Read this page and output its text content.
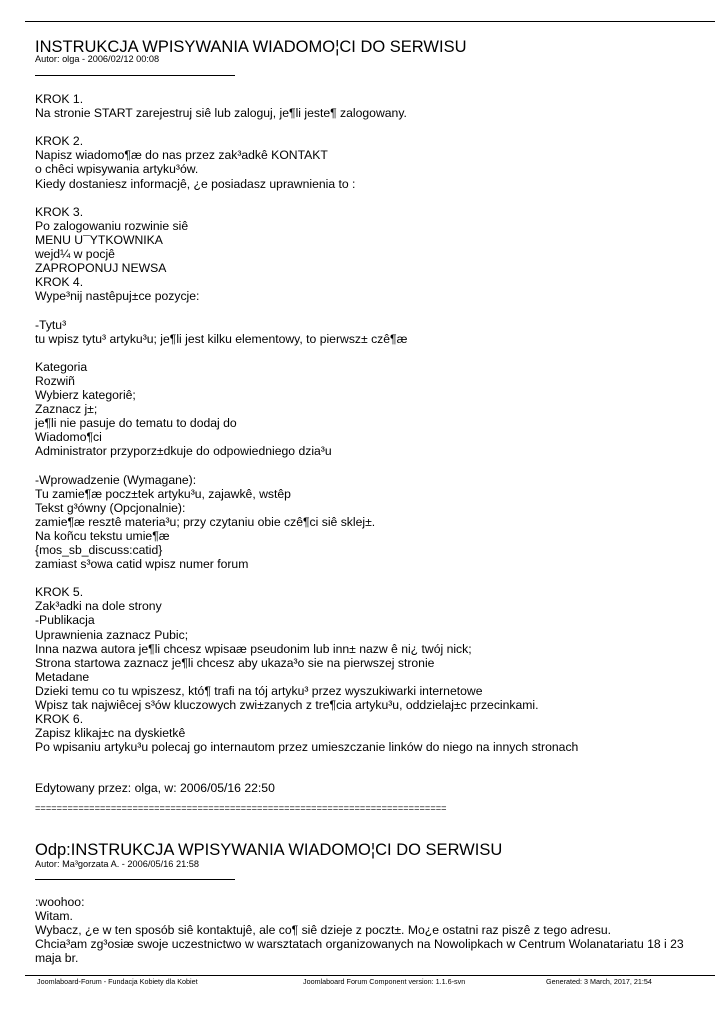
INSTRUKCJA WPISYWANIA WIADOMO¦CI DO SERWISU
Autor: olga - 2006/02/12 00:08
KROK 1.
Na stronie START zarejestruj siê lub zaloguj, je¶li jeste¶ zalogowany.
KROK 2.
Napisz wiadomo¶æ do nas przez zak³adkê KONTAKT
o chêci wpisywania artyku³ów.
Kiedy dostaniesz informacjê, ¿e posiadasz uprawnienia to :
KROK 3.
Po zalogowaniu rozwinie siê
MENU U¯YTKOWNIKA
wejd¼ w pocjê
ZAPROPONUJ NEWSA
KROK 4.
Wype³nij nastêpuj±ce pozycje:
-Tytu³
tu wpisz tytu³ artyku³u; je¶li jest kilku elementowy, to pierwsz± czê¶æ
Kategoria
Rozwiñ
Wybierz kategoriê;
Zaznacz j±;
je¶li nie pasuje do tematu to dodaj do
Wiadomo¶ci
Administrator przyporz±dkuje do odpowiedniego dzia³u
-Wprowadzenie (Wymagane):
Tu zamie¶æ pocz±tek artyku³u, zajawkê, wstêp
Tekst g³ówny (Opcjonalnie):
zamie¶æ resztê materia³u; przy czytaniu obie czê¶ci siê sklej±.
Na koñcu tekstu umie¶æ
{mos_sb_discuss:catid}
zamiast s³owa catid wpisz numer forum
KROK 5.
Zak³adki na dole strony
-Publikacja
Uprawnienia zaznacz Pubic;
Inna nazwa autora je¶li chcesz wpisaæ pseudonim lub inn± nazw ê ni¿ twój nick;
Strona startowa zaznacz je¶li chcesz aby ukaza³o sie na pierwszej stronie
Metadane
Dzieki temu co tu wpiszesz, któ¶ trafi na tój artyku³ przez wyszukiwarki internetowe
Wpisz tak najwiêcej s³ów kluczowych zwi±zanych z tre¶cia artyku³u, oddzielaj±c przecinkami.
KROK 6.
Zapisz klikaj±c na dyskietkê
Po wpisaniu artyku³u polecaj go internautom przez umieszczanie linków do niego na innych stronach
Edytowany przez: olga, w: 2006/05/16 22:50
============================================================================
Odp:INSTRUKCJA WPISYWANIA WIADOMO¦CI DO SERWISU
Autor: Ma³gorzata A. - 2006/05/16 21:58
:woohoo:
Witam.
Wybacz, ¿e w ten sposób siê kontaktujê, ale co¶ siê dzieje z poczt±. Mo¿e ostatni raz piszê z tego adresu.
Chcia³am zg³osiæ swoje uczestnictwo w warsztatach organizowanych na Nowolipkach w Centrum Wolanatariatu 18 i 23
maja br.
Joomlaboard-Forum - Fundacja Kobiety dla Kobiet	Joomlaboard Forum Component version: 1.1.6-svn	Generated: 3 March, 2017, 21:54
